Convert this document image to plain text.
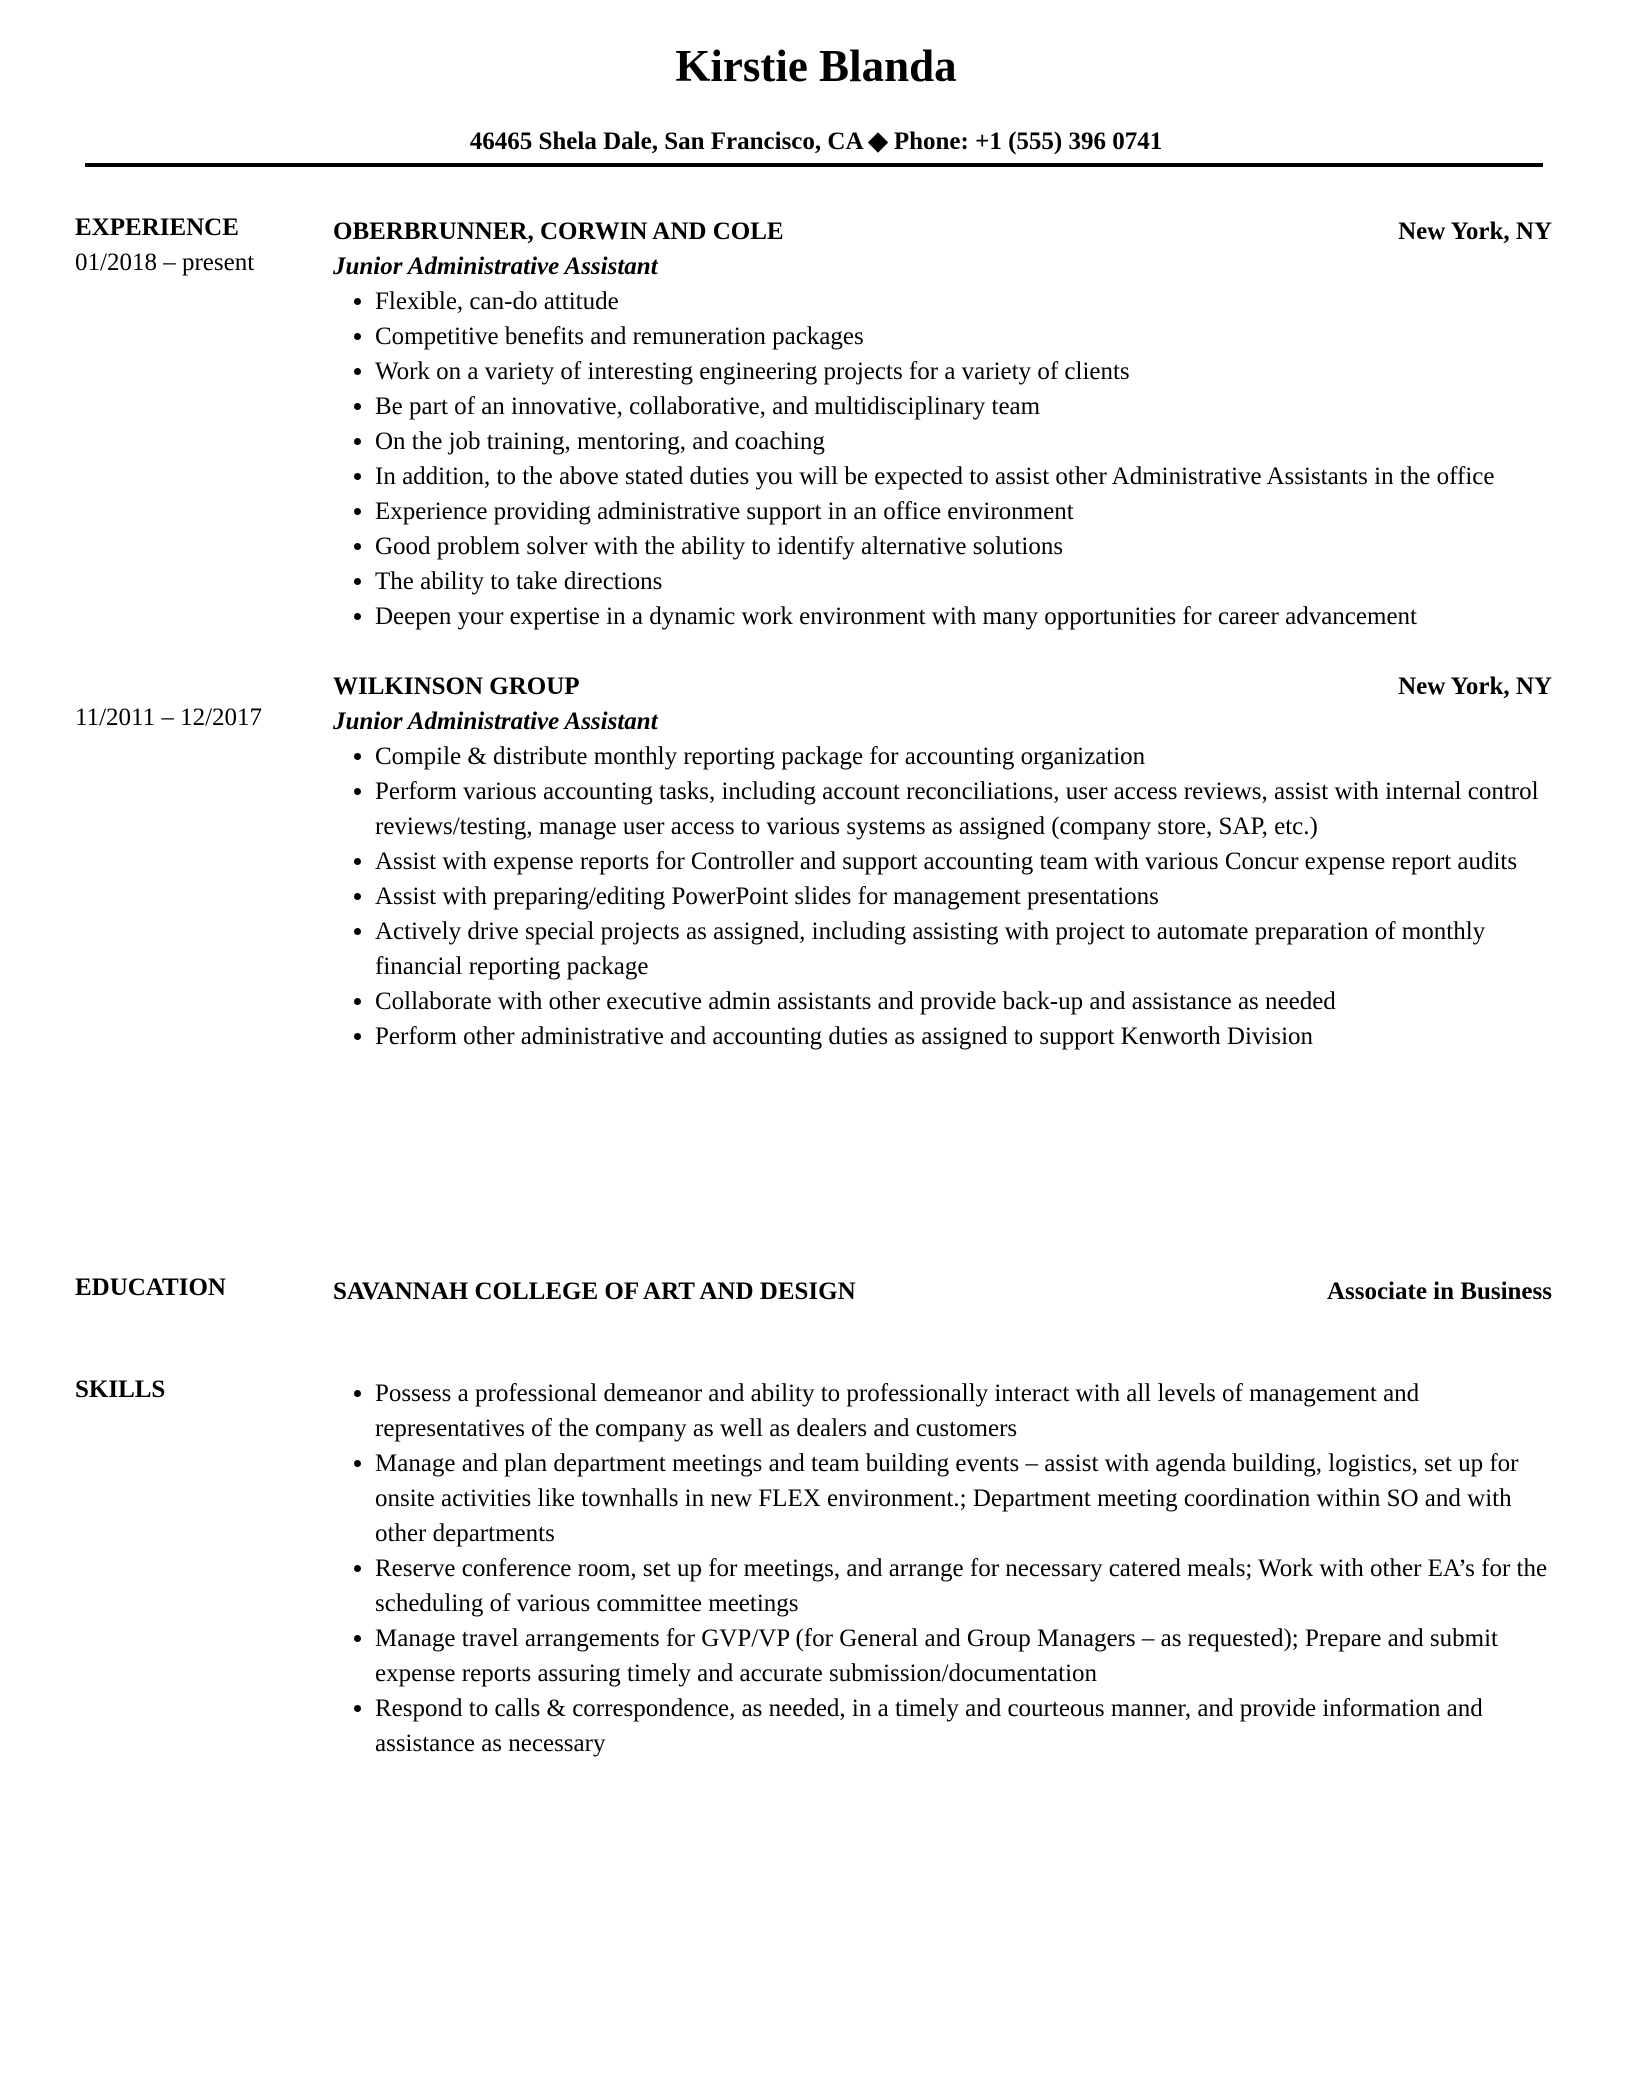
Kirstie Blanda
46465 Shela Dale, San Francisco, CA ◆ Phone: +1 (555) 396 0741
EXPERIENCE
01/2018 – present
OBERBRUNNER, CORWIN AND COLE	New York, NY
Junior Administrative Assistant
• Flexible, can-do attitude
• Competitive benefits and remuneration packages
• Work on a variety of interesting engineering projects for a variety of clients
• Be part of an innovative, collaborative, and multidisciplinary team
• On the job training, mentoring, and coaching
• In addition, to the above stated duties you will be expected to assist other Administrative Assistants in the office
• Experience providing administrative support in an office environment
• Good problem solver with the ability to identify alternative solutions
• The ability to take directions
• Deepen your expertise in a dynamic work environment with many opportunities for career advancement
11/2011 – 12/2017
WILKINSON GROUP	New York, NY
Junior Administrative Assistant
• Compile & distribute monthly reporting package for accounting organization
• Perform various accounting tasks, including account reconciliations, user access reviews, assist with internal control reviews/testing, manage user access to various systems as assigned (company store, SAP, etc.)
• Assist with expense reports for Controller and support accounting team with various Concur expense report audits
• Assist with preparing/editing PowerPoint slides for management presentations
• Actively drive special projects as assigned, including assisting with project to automate preparation of monthly financial reporting package
• Collaborate with other executive admin assistants and provide back-up and assistance as needed
• Perform other administrative and accounting duties as assigned to support Kenworth Division
EDUCATION	SAVANNAH COLLEGE OF ART AND DESIGN	Associate in Business
SKILLS	• Possess a professional demeanor and ability to professionally interact with all levels of management and representatives of the company as well as dealers and customers
• Manage and plan department meetings and team building events – assist with agenda building, logistics, set up for onsite activities like townhalls in new FLEX environment.; Department meeting coordination within SO and with other departments
• Reserve conference room, set up for meetings, and arrange for necessary catered meals; Work with other EA’s for the scheduling of various committee meetings
• Manage travel arrangements for GVP/VP (for General and Group Managers – as requested); Prepare and submit expense reports assuring timely and accurate submission/documentation
• Respond to calls & correspondence, as needed, in a timely and courteous manner, and provide information and assistance as necessary
